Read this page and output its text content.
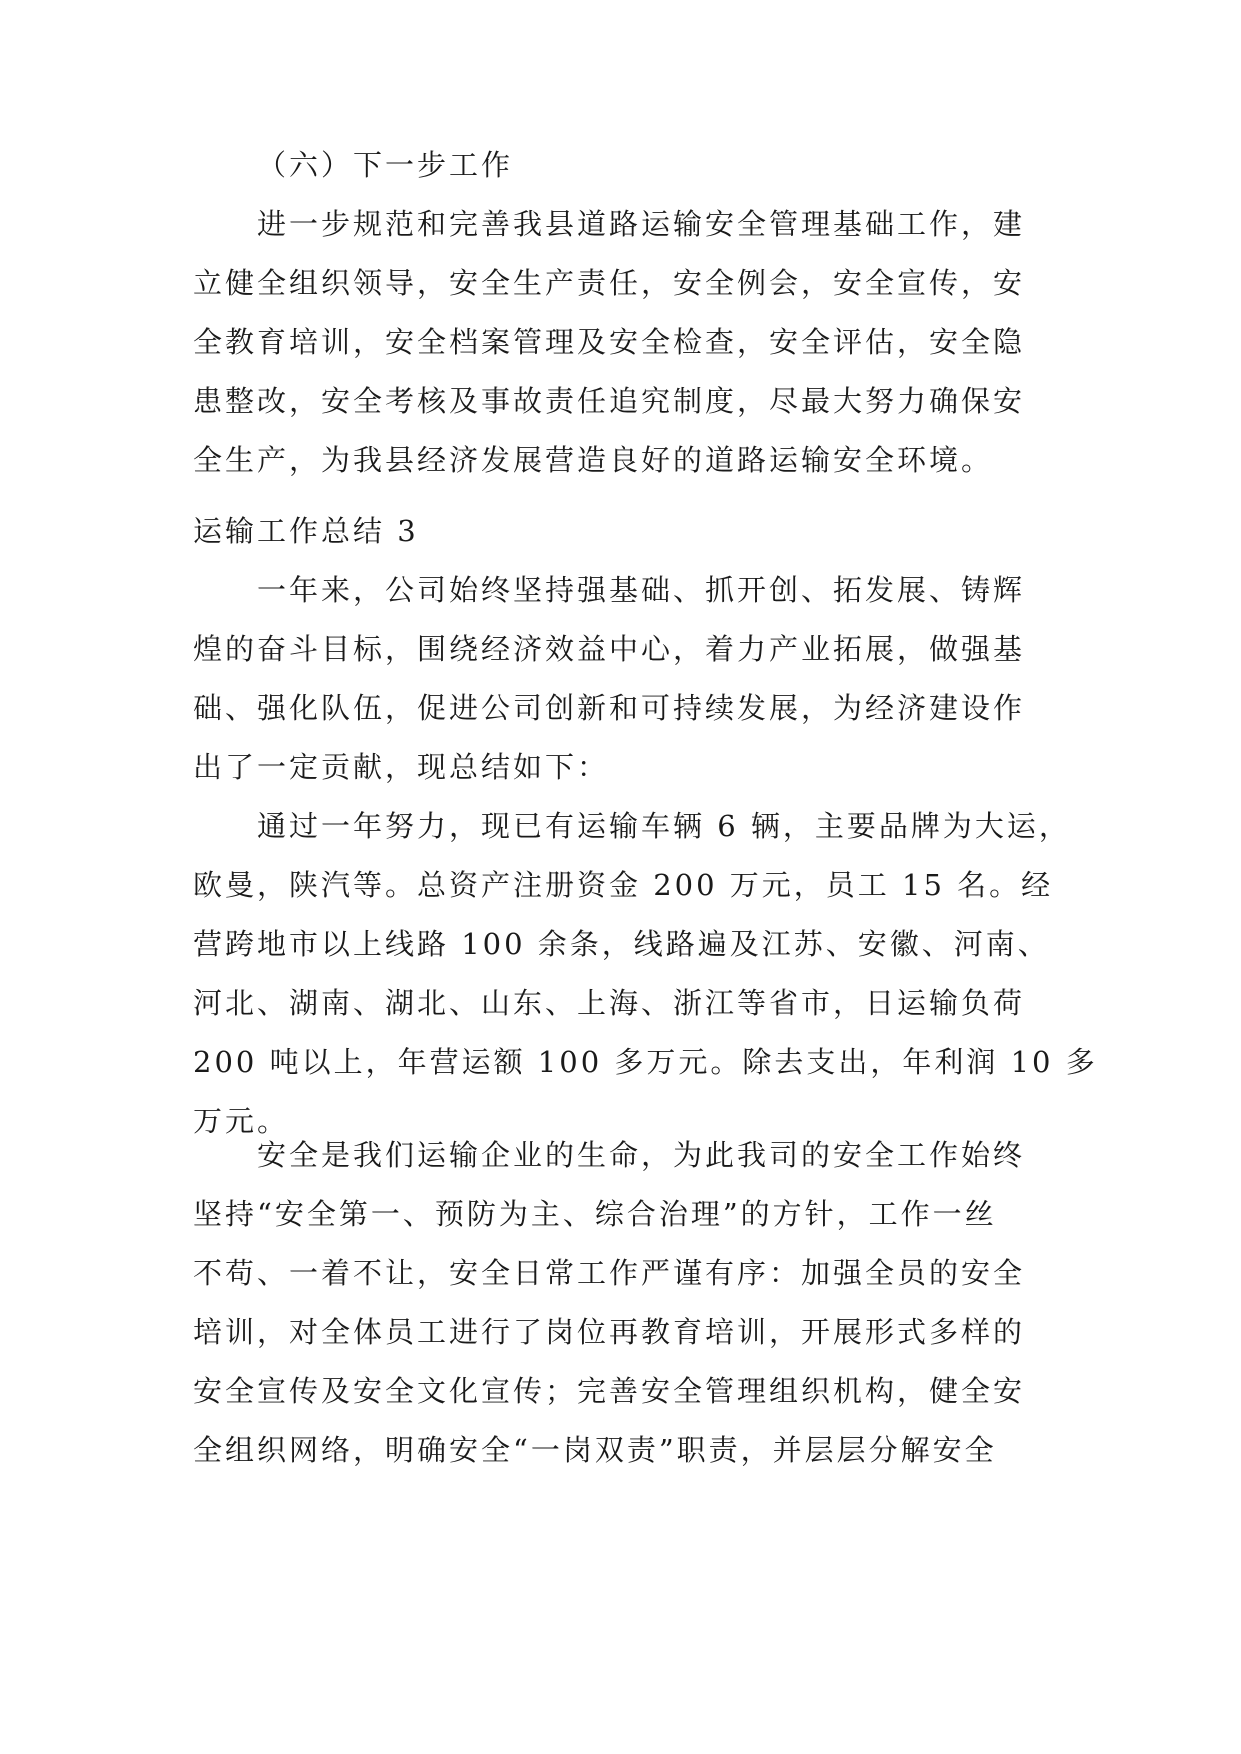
（六）下一步工作
进一步规范和完善我县道路运输安全管理基础工作，建
立健全组织领导，安全生产责任，安全例会，安全宣传，安
全教育培训，安全档案管理及安全检查，安全评估，安全隐
患整改，安全考核及事故责任追究制度，尽最大努力确保安
全生产，为我县经济发展营造良好的道路运输安全环境。
运输工作总结 3
一年来，公司始终坚持强基础、抓开创、拓发展、铸辉
煌的奋斗目标，围绕经济效益中心，着力产业拓展，做强基
础、强化队伍，促进公司创新和可持续发展，为经济建设作
出了一定贡献，现总结如下：
通过一年努力，现已有运输车辆 6 辆，主要品牌为大运，
欧曼，陕汽等。总资产注册资金 200 万元，员工 15 名。经
营跨地市以上线路 100 余条，线路遍及江苏、安徽、河南、
河北、湖南、湖北、山东、上海、浙江等省市，日运输负荷
200 吨以上，年营运额 100 多万元。除去支出，年利润 10 多
万元。
安全是我们运输企业的生命，为此我司的安全工作始终
坚持“安全第一、预防为主、综合治理”的方针，工作一丝
不苟、一着不让，安全日常工作严谨有序：加强全员的安全
培训，对全体员工进行了岗位再教育培训，开展形式多样的
安全宣传及安全文化宣传；完善安全管理组织机构，健全安
全组织网络，明确安全“一岗双责”职责，并层层分解安全
